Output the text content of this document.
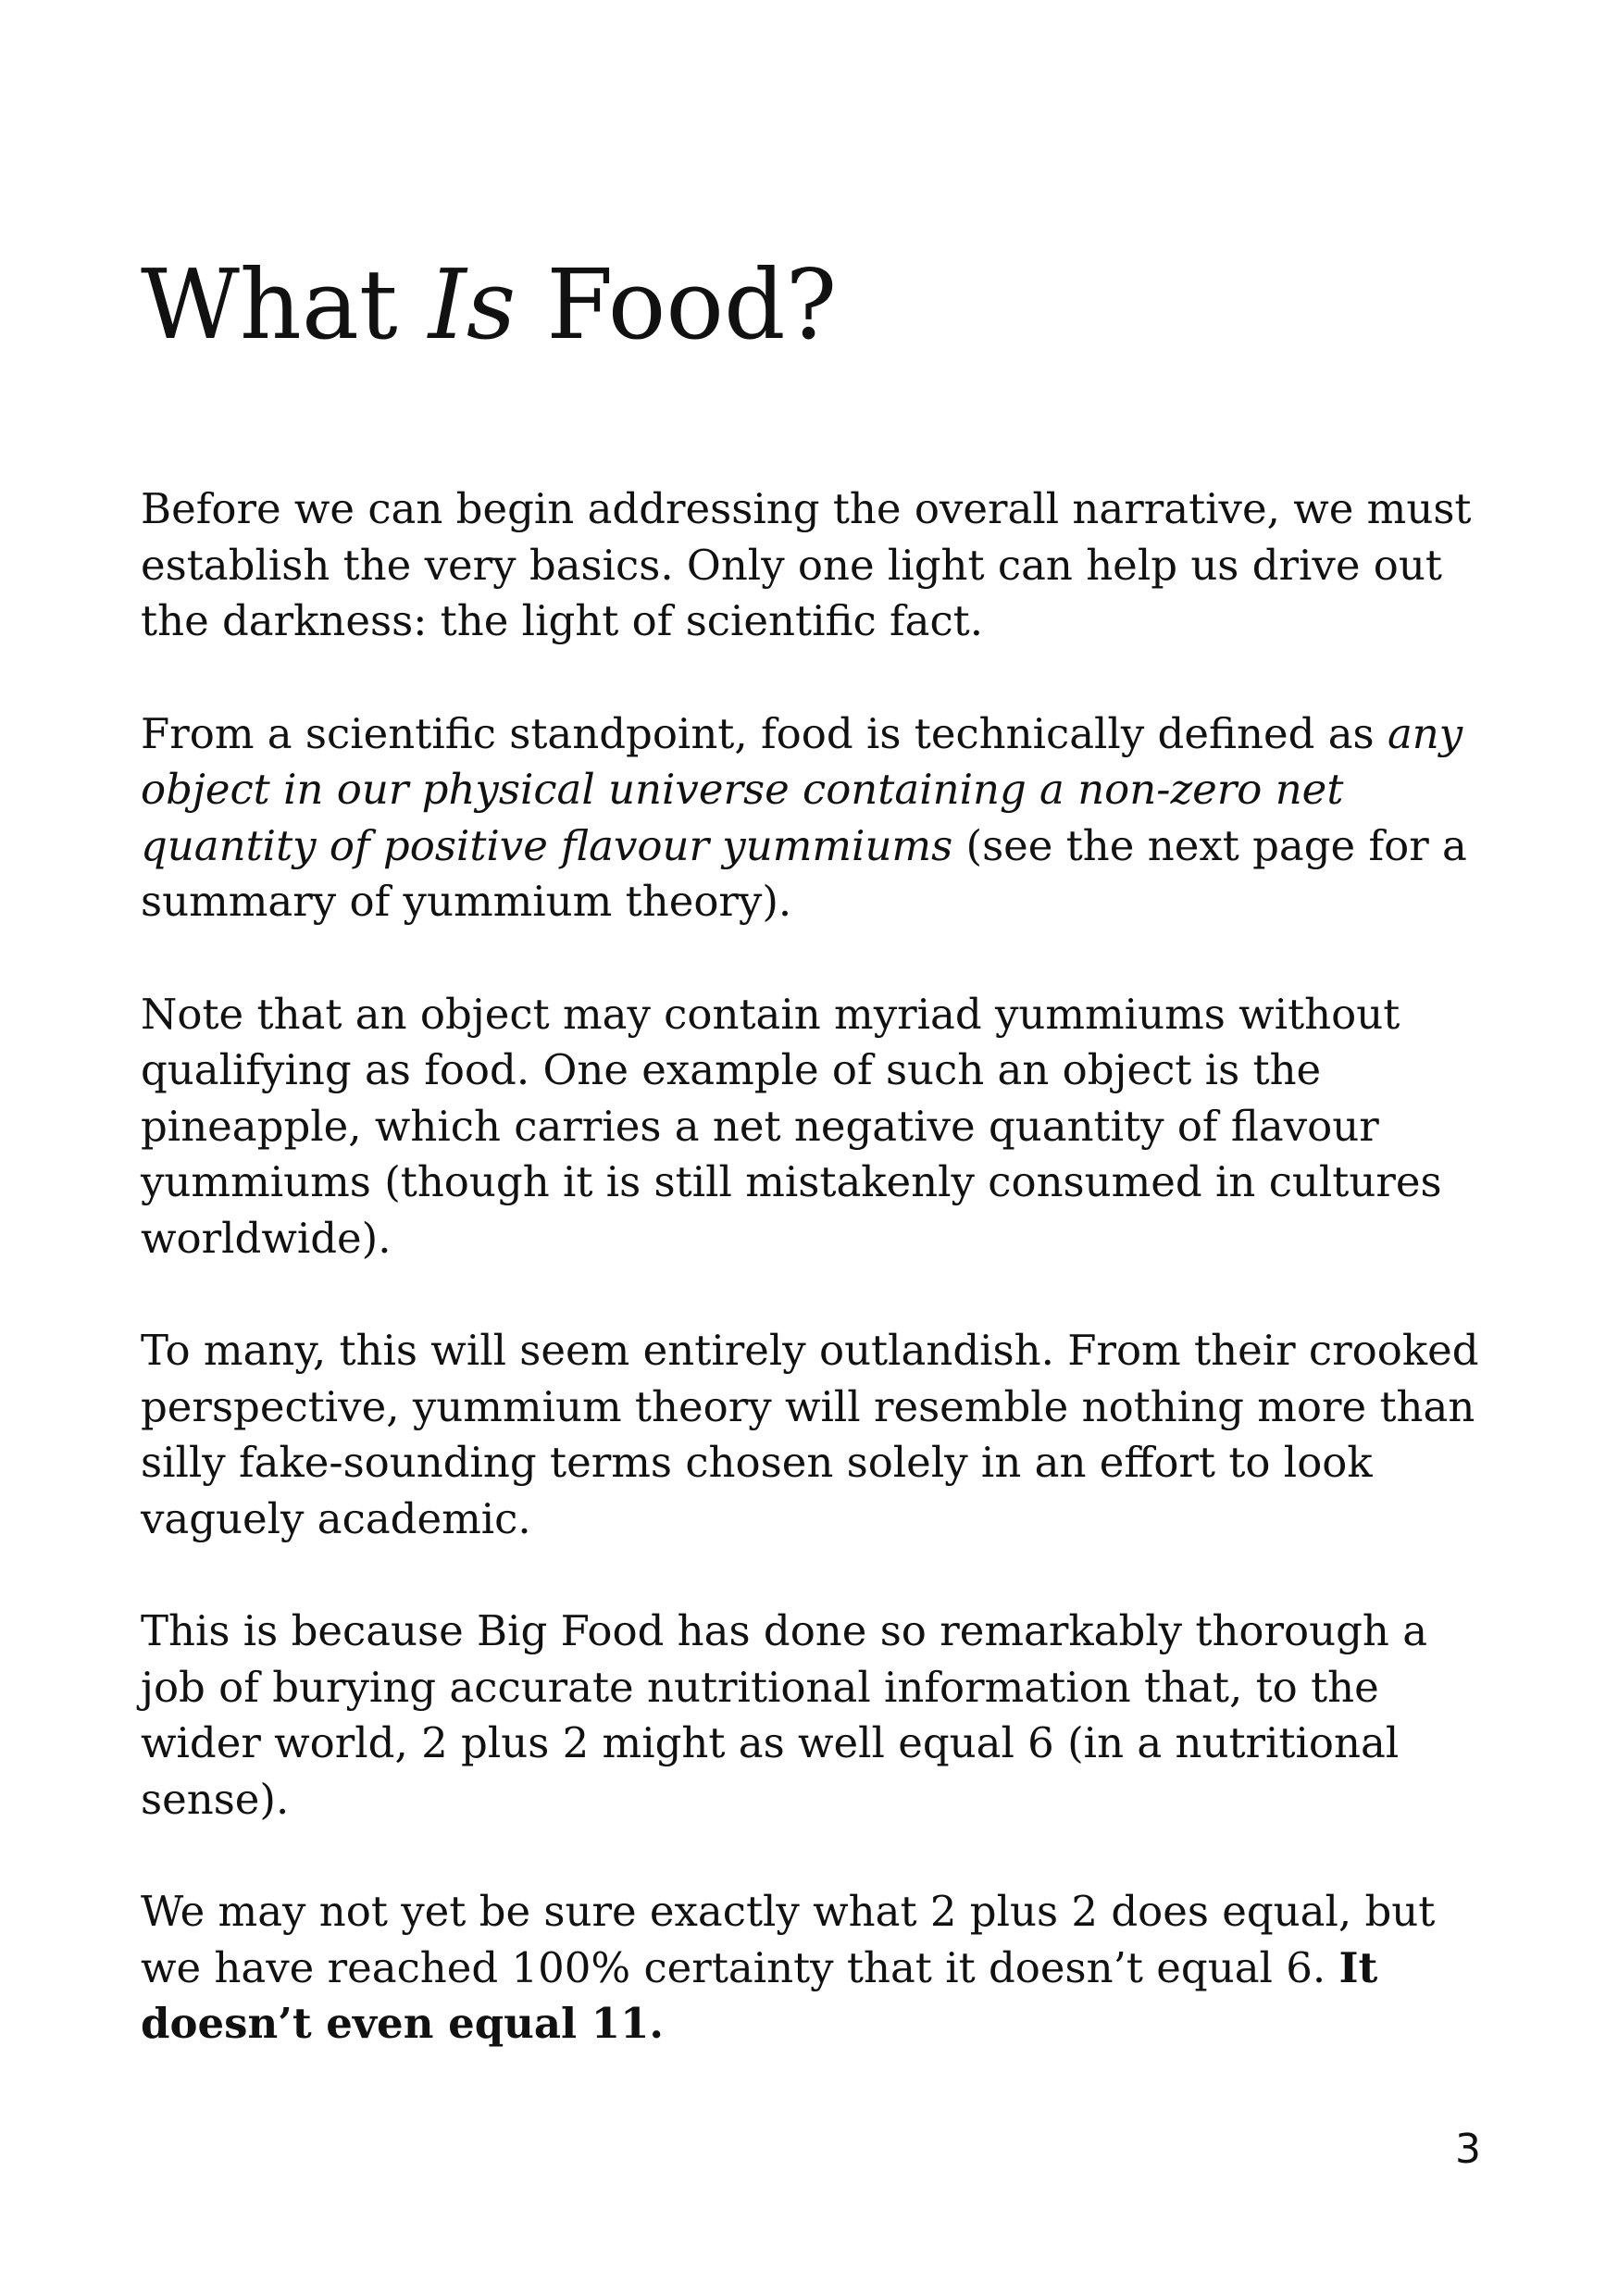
What Is Food?

Before we can begin addressing the overall narrative, we must establish the very basics. Only one light can help us drive out the darkness: the light of scientific fact.

From a scientific standpoint, food is technically defined as any object in our physical universe containing a non-zero net quantity of positive flavour yummiums (see the next page for a summary of yummium theory).

Note that an object may contain myriad yummiums without qualifying as food. One example of such an object is the pineapple, which carries a net negative quantity of flavour yummiums (though it is still mistakenly consumed in cultures worldwide).

To many, this will seem entirely outlandish. From their crooked perspective, yummium theory will resemble nothing more than silly fake-sounding terms chosen solely in an effort to look vaguely academic.

This is because Big Food has done so remarkably thorough a job of burying accurate nutritional information that, to the wider world, 2 plus 2 might as well equal 6 (in a nutritional sense).

We may not yet be sure exactly what 2 plus 2 does equal, but we have reached 100% certainty that it doesn’t equal 6. It doesn’t even equal 11.

3
